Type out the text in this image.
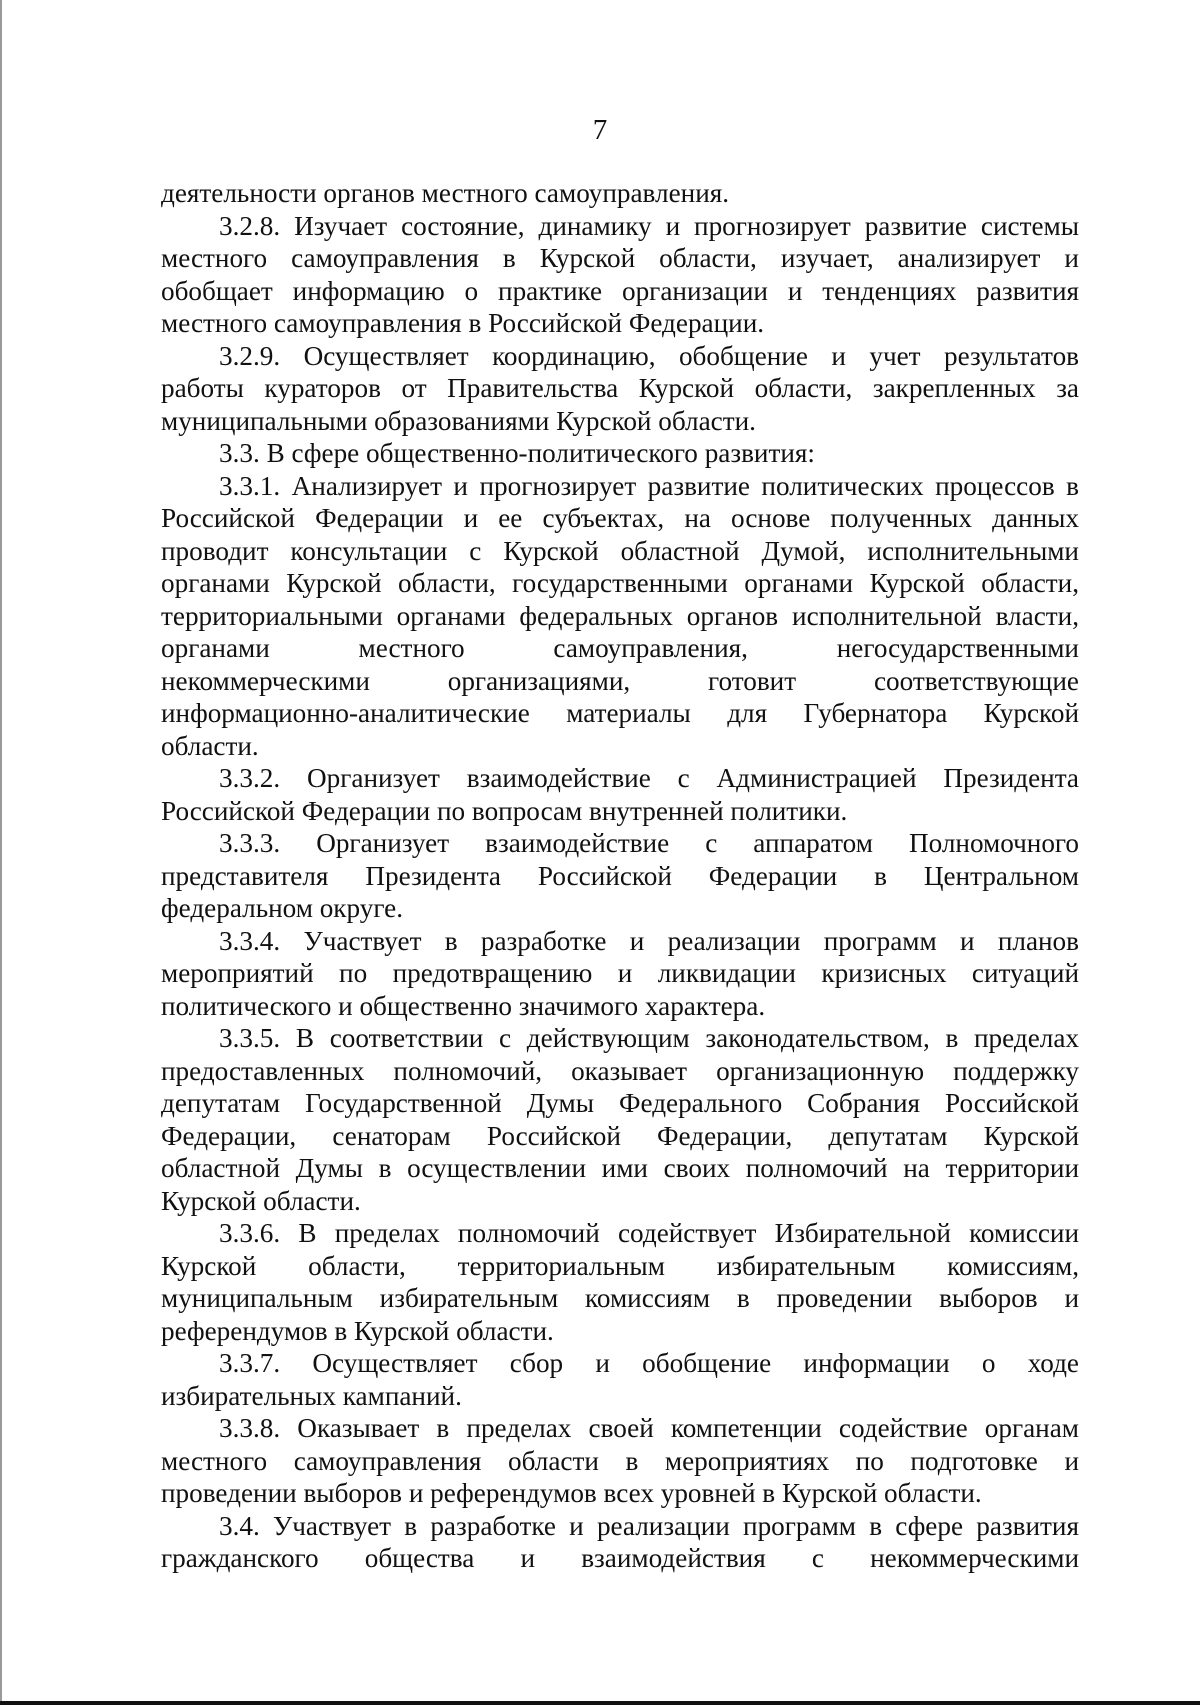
7
деятельности органов местного самоуправления.
3.2.8. Изучает состояние, динамику и прогнозирует развитие системы
местного самоуправления в Курской области, изучает, анализирует и
обобщает информацию о практике организации и тенденциях развития
местного самоуправления в Российской Федерации.
3.2.9. Осуществляет координацию, обобщение и учет результатов
работы кураторов от Правительства Курской области, закрепленных за
муниципальными образованиями Курской области.
3.3. В сфере общественно-политического развития:
3.3.1. Анализирует и прогнозирует развитие политических процессов в
Российской Федерации и ее субъектах, на основе полученных данных
проводит консультации с Курской областной Думой, исполнительными
органами Курской области, государственными органами Курской области,
территориальными органами федеральных органов исполнительной власти,
органами местного самоуправления, негосударственными
некоммерческими организациями, готовит соответствующие
информационно-аналитические материалы для Губернатора Курской
области.
3.3.2. Организует взаимодействие с Администрацией Президента
Российской Федерации по вопросам внутренней политики.
3.3.3. Организует взаимодействие с аппаратом Полномочного
представителя Президента Российской Федерации в Центральном
федеральном округе.
3.3.4. Участвует в разработке и реализации программ и планов
мероприятий по предотвращению и ликвидации кризисных ситуаций
политического и общественно значимого характера.
3.3.5. В соответствии с действующим законодательством, в пределах
предоставленных полномочий, оказывает организационную поддержку
депутатам Государственной Думы Федерального Собрания Российской
Федерации, сенаторам Российской Федерации, депутатам Курской
областной Думы в осуществлении ими своих полномочий на территории
Курской области.
3.3.6. В пределах полномочий содействует Избирательной комиссии
Курской области, территориальным избирательным комиссиям,
муниципальным избирательным комиссиям в проведении выборов и
референдумов в Курской области.
3.3.7. Осуществляет сбор и обобщение информации о ходе
избирательных кампаний.
3.3.8. Оказывает в пределах своей компетенции содействие органам
местного самоуправления области в мероприятиях по подготовке и
проведении выборов и референдумов всех уровней в Курской области.
3.4. Участвует в разработке и реализации программ в сфере развития
гражданского общества и взаимодействия с некоммерческими
